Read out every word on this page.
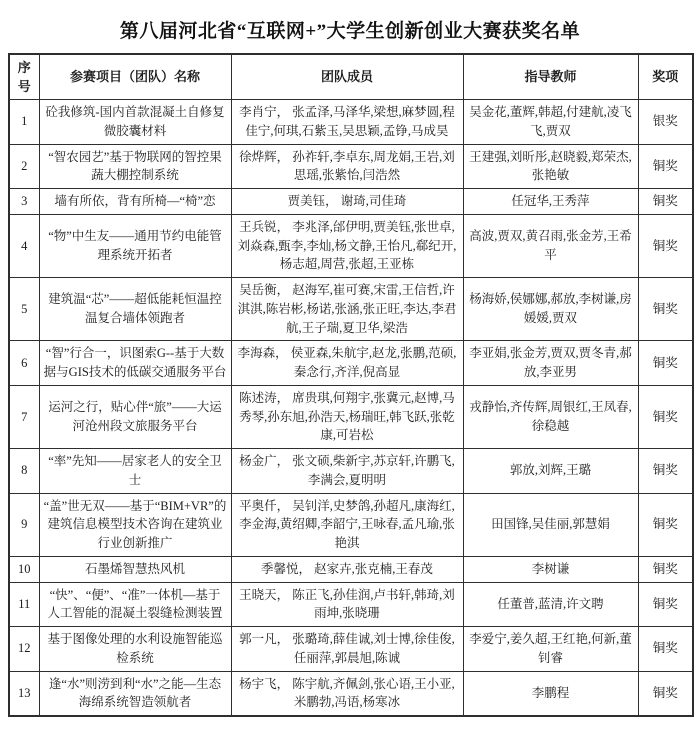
第八届河北省“互联网+”大学生创新创业大赛获奖名单
序号	参赛项目（团队）名称	团队成员	指导教师	奖项
1	砼我修筑-国内首款混凝土自修复微胶囊材料	李肖宁， 张孟泽,马泽华,梁想,麻梦圆,程佳宁,何琪,石紫玉,吴思颖,孟铮,马成昊	吴金花,董辉,韩超,付建航,凌飞飞,贾双	银奖
2	“智农园艺”基于物联网的智控果蔬大棚控制系统	徐烨辉， 孙祚轩,李卓东,周龙娟,王岩,刘思瑶,张紫怡,闫浩然	王建强,刘昕彤,赵晓毅,郑荣杰,张艳敏	铜奖
3	墙有所依，背有所椅—“椅”恋	贾美钰， 谢琦,司佳琦	任冠华,王秀萍	铜奖
4	“物”中生友——通用节约电能管理系统开拓者	王兵锐， 李兆泽,邰伊明,贾美钰,张世卓,刘焱森,甄李,李灿,杨文静,王怡凡,郗纪开,杨志超,周营,张超,王亚栋	高波,贾双,黄召雨,张金芳,王希平	铜奖
5	建筑温“芯”——超低能耗恒温控温复合墙体领跑者	吴岳衡， 赵海军,崔可赛,宋雷,王信哲,许淇淇,陈岩彬,杨诺,张涵,张正旺,李达,李君航,王子瑞,夏卫华,梁浩	杨海娇,侯娜娜,郝放,李树谦,房媛媛,贾双	铜奖
6	“智”行合一，识图索G--基于大数据与GIS技术的低碳交通服务平台	李海森， 侯亚森,朱航宇,赵龙,张鹏,范硕,秦念行,齐洋,倪高显	李亚娟,张金芳,贾双,贾冬青,郝放,李亚男	铜奖
7	运河之行，贴心伴“旅”——大运河沧州段文旅服务平台	陈述涛， 席贵琪,何翔宇,张冀元,赵博,马秀琴,孙东旭,孙浩天,杨瑞旺,韩飞跃,张乾康,可岩松	戎静怡,齐传辉,周银红,王凤春,徐稳越	铜奖
8	“率”先知——居家老人的安全卫士	杨金广， 张文硕,柴新宇,苏京轩,许鹏飞,李满会,夏明明	郭放,刘辉,王璐	铜奖
9	“盖”世无双——基于“BIM+VR”的建筑信息模型技术咨询在建筑业行业创新推广	平奥仟， 吴钊洋,史梦鸽,孙超凡,康海红,李金海,黄绍卿,李韶宁,王咏春,孟凡瑜,张艳淇	田国锋,吴佳丽,郭慧娟	铜奖
10	石墨烯智慧热风机	季馨悦， 赵家卉,张克楠,王春茂	李树谦	铜奖
11	“快”、“便”、“准”一体机—基于人工智能的混凝土裂缝检测装置	王晓天， 陈正飞,孙佳润,卢书轩,韩琦,刘雨坤,张晓珊	任董普,蓝清,许文聘	铜奖
12	基于图像处理的水利设施智能巡检系统	郭一凡， 张璐琦,薛佳诚,刘士博,徐佳俊,任丽萍,郭晨旭,陈诚	李爱宁,姜久超,王红艳,何新,董钊睿	铜奖
13	逢“水”则涝到利“水”之能—生态海绵系统智造领航者	杨宇飞， 陈宇航,齐佩剑,张心语,王小亚,米鹏勃,冯语,杨寒冰	李鹏程	铜奖
